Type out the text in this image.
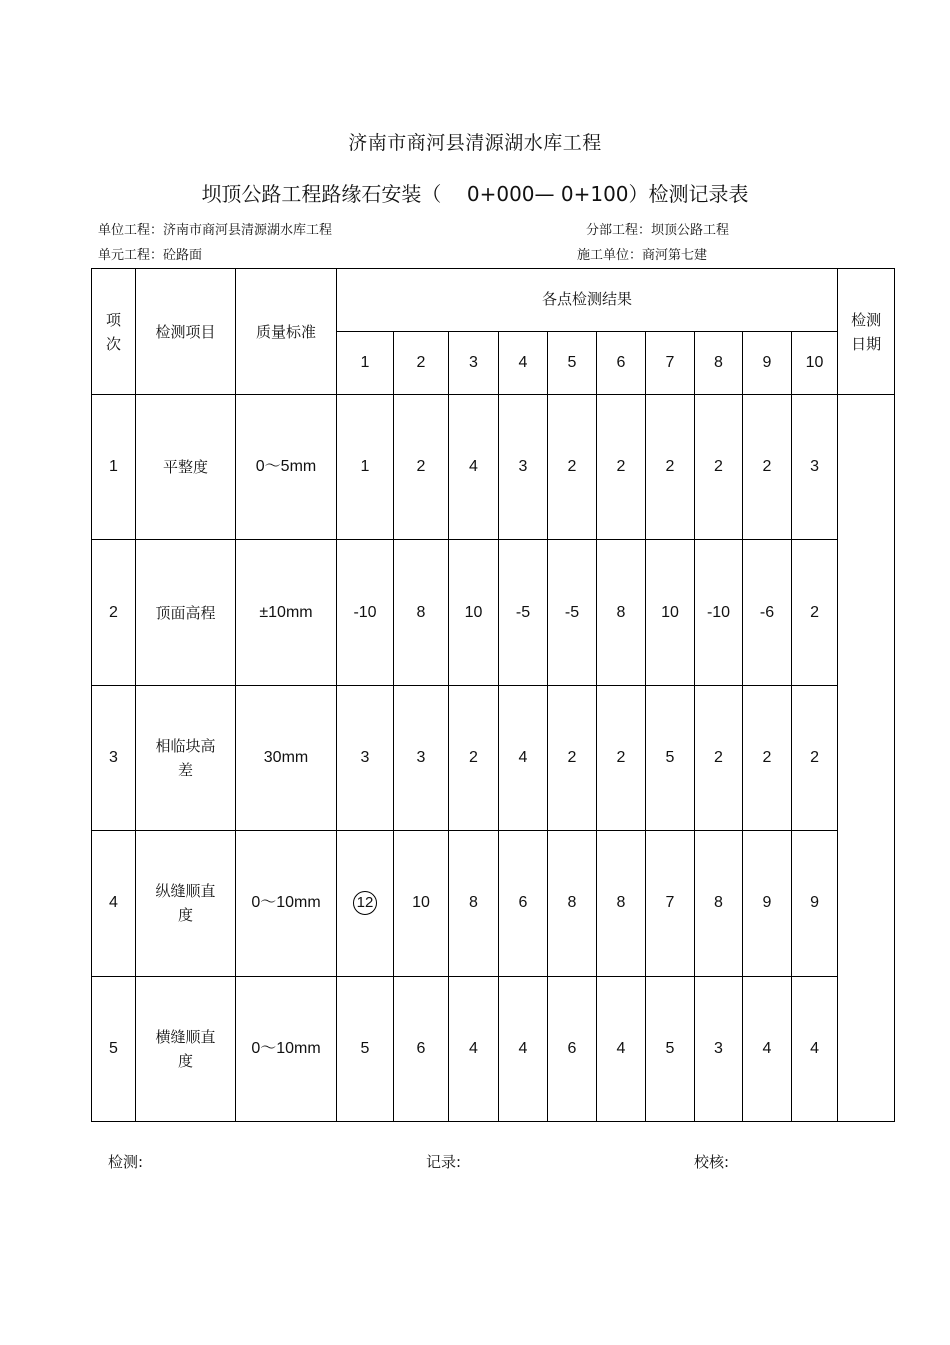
济南市商河县清源湖水库工程
坝顶公路工程路缘石安装（    0+000— 0+100）检测记录表
单位工程：济南市商河县清源湖水库工程	分部工程：坝顶公路工程
单元工程：砼路面	施工单位：商河第七建
项次	检测项目	质量标准	各点检测结果										检测日期

			1	2	3	4	5	6	7	8	9	10	
1	平整度	0～5mm	1	2	4	3	2	2	2	2	2	3	
2	顶面高程	±10mm	-10	8	10	-5	-5	8	10	-10	-6	2	
3	相临块高差	30mm	3	3	2	4	2	2	5	2	2	2	
4	纵缝顺直度	0～10mm	12	10	8	6	8	8	7	8	9	9	
5	横缝顺直度	0～10mm	5	6	4	4	6	4	5	3	4	4	
检测:	记录:	校核:
